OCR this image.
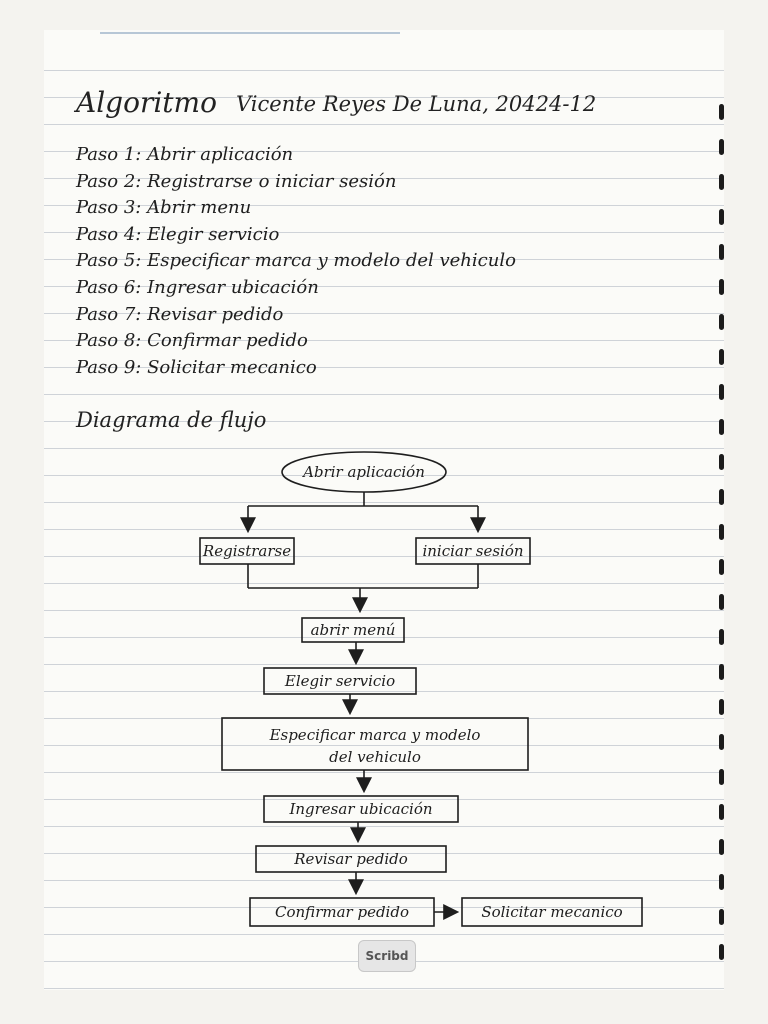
Algoritmo Vicente Reyes De Luna, 20424-12
Paso 1: Abrir aplicación
Paso 2: Registrarse o iniciar sesión
Paso 3: Abrir menu
Paso 4: Elegir servicio
Paso 5: Especificar marca y modelo del vehiculo
Paso 6: Ingresar ubicación
Paso 7: Revisar pedido
Paso 8: Confirmar pedido
Paso 9: Solicitar mecanico
Diagrama de flujo
Abrir aplicación
Registrarse	iniciar sesión
abrir menú
Elegir servicio
Especificar marca y modelo
del vehiculo
Ingresar ubicación
Revisar pedido
Confirmar pedido	Solicitar mecanico
Scribd
